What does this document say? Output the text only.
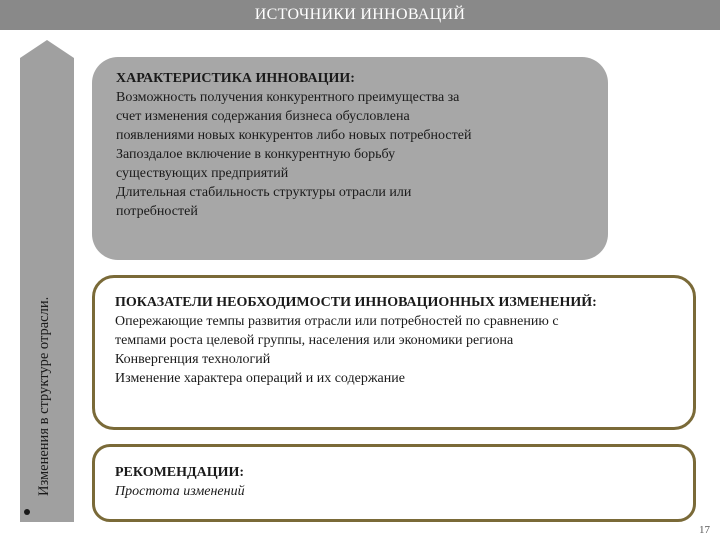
ИСТОЧНИКИ ИННОВАЦИЙ
Изменения в структуре отрасли.
ХАРАКТЕРИСТИКА ИННОВАЦИИ:
Возможность получения конкурентного преимущества за
счет изменения содержания бизнеса обусловлена
появлениями новых конкурентов либо новых потребностей
Запоздалое включение в конкурентную борьбу
существующих предприятий
Длительная стабильность структуры отрасли или
потребностей
ПОКАЗАТЕЛИ НЕОБХОДИМОСТИ ИННОВАЦИОННЫХ ИЗМЕНЕНИЙ:
Опережающие темпы развития отрасли или потребностей по сравнению с
темпами роста целевой группы, населения или экономики региона
Конвергенция технологий
Изменение характера операций и их содержание
РЕКОМЕНДАЦИИ:
Простота изменений
17
